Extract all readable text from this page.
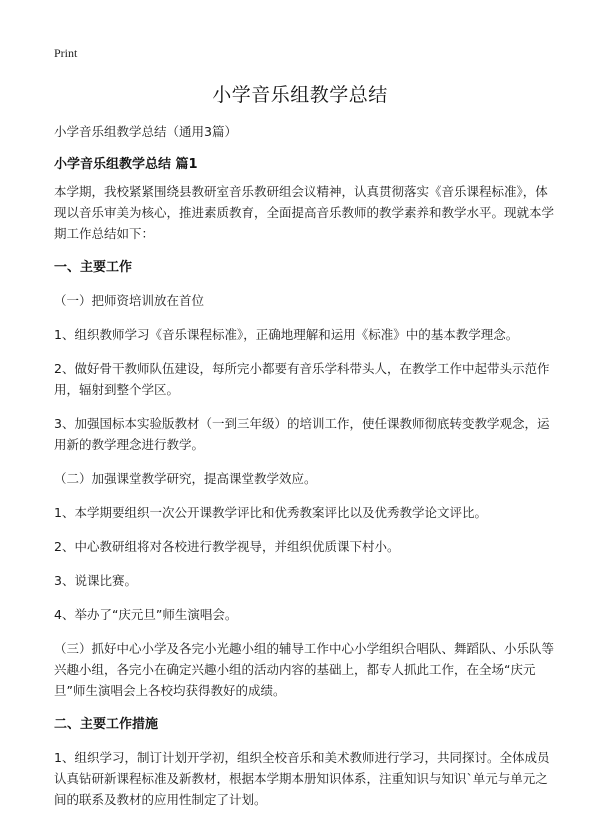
Print
小学音乐组教学总结
小学音乐组教学总结（通用3篇）
小学音乐组教学总结 篇1
本学期，我校紧紧围绕县教研室音乐教研组会议精神，认真贯彻落实《音乐课程标准》，体现以音乐审美为核心，推进素质教育，全面提高音乐教师的教学素养和教学水平。现就本学期工作总结如下：
一、主要工作
（一）把师资培训放在首位
1、组织教师学习《音乐课程标准》，正确地理解和运用《标准》中的基本教学理念。
2、做好骨干教师队伍建设，每所完小都要有音乐学科带头人，在教学工作中起带头示范作用，辐射到整个学区。
3、加强国标本实验版教材（一到三年级）的培训工作，使任课教师彻底转变教学观念，运用新的教学理念进行教学。
（二）加强课堂教学研究，提高课堂教学效应。
1、本学期要组织一次公开课教学评比和优秀教案评比以及优秀教学论文评比。
2、中心教研组将对各校进行教学视导，并组织优质课下村小。
3、说课比赛。
4、举办了“庆元旦”师生演唱会。
（三）抓好中心小学及各完小光趣小组的辅导工作中心小学组织合唱队、舞蹈队、小乐队等兴趣小组，各完小在确定兴趣小组的活动内容的基础上，都专人抓此工作，在全场“庆元旦”师生演唱会上各校均获得教好的成绩。
二、主要工作措施
1、组织学习，制订计划开学初，组织全校音乐和美术教师进行学习，共同探讨。全体成员认真钻研新课程标准及新教材，根据本学期本册知识体系，注重知识与知识`单元与单元之间的联系及教材的应用性制定了计划。
